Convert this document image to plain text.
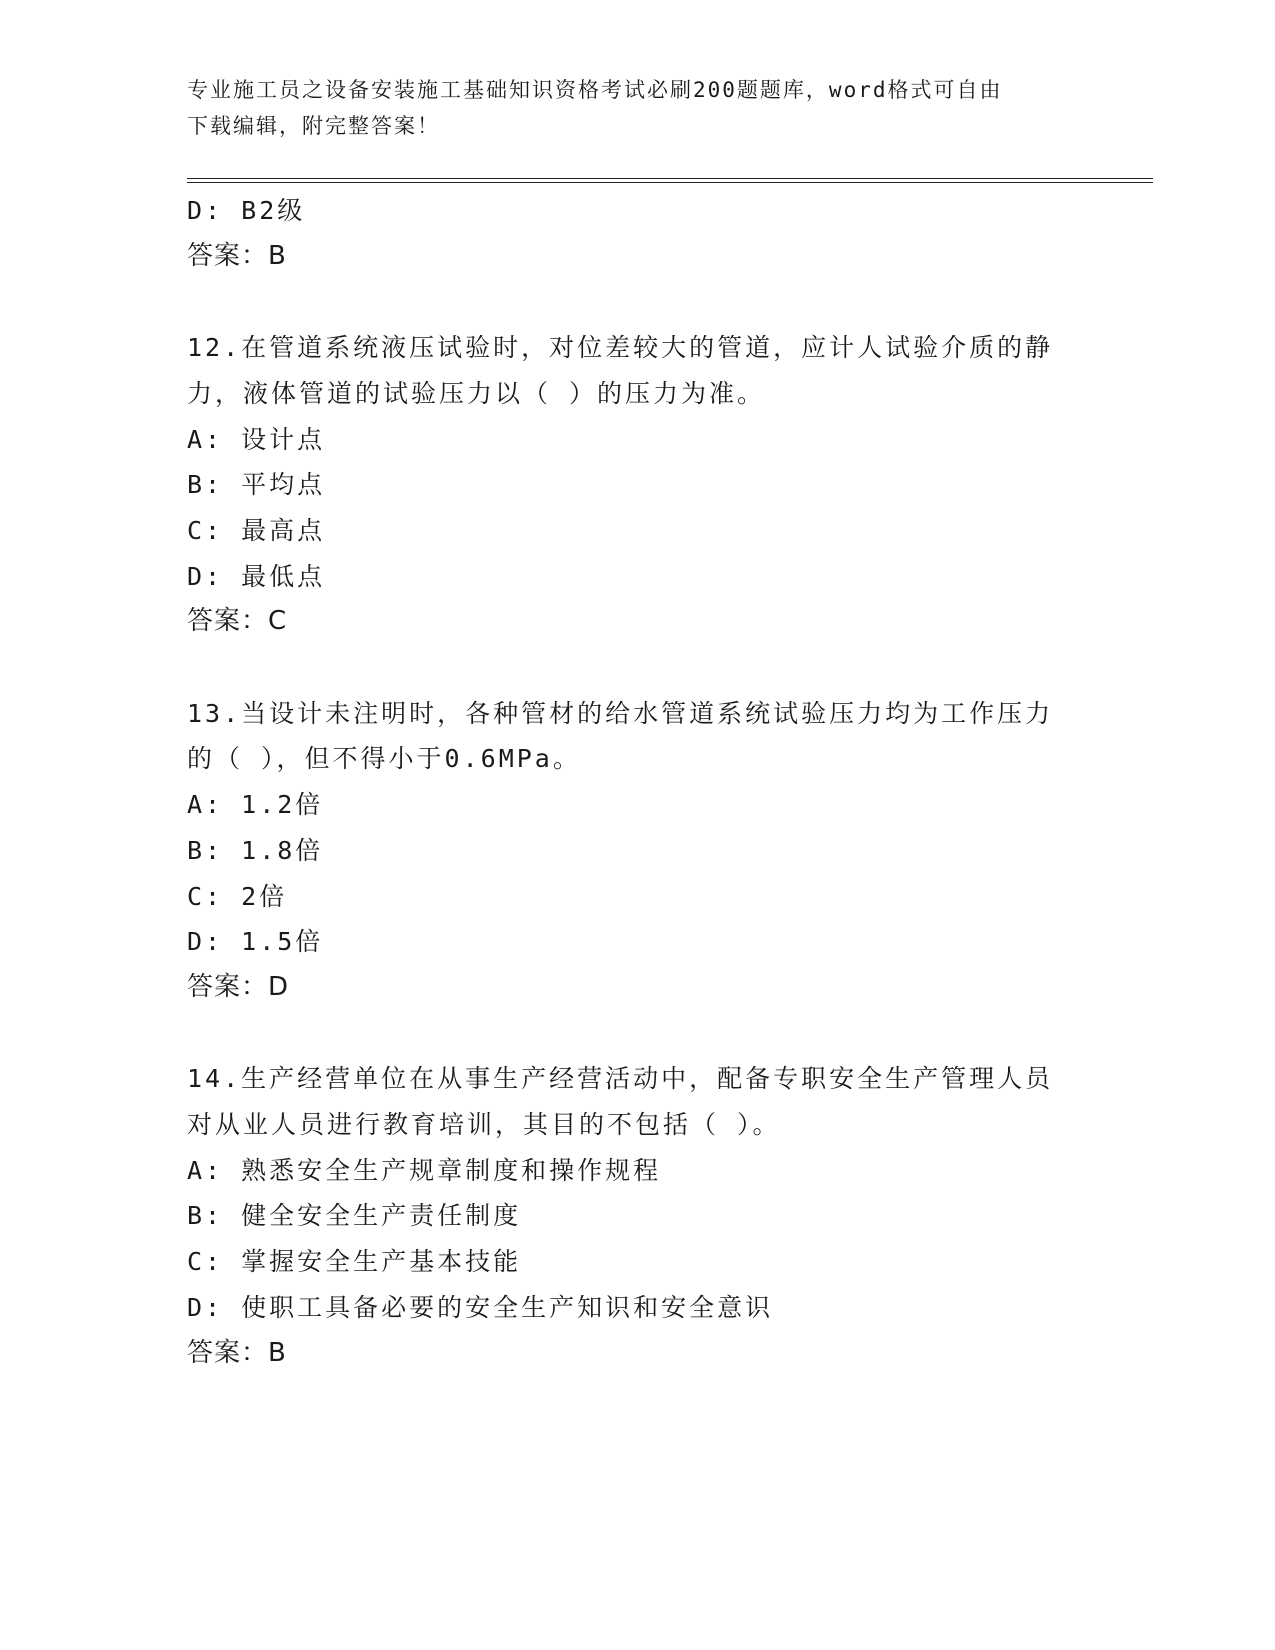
专业施工员之设备安装施工基础知识资格考试必刷200题题库，word格式可自由
下载编辑，附完整答案！
D: B2级
答案：B
12.在管道系统液压试验时，对位差较大的管道，应计人试验介质的静
力，液体管道的试验压力以（ ）的压力为准。
A: 设计点
B: 平均点
C: 最高点
D: 最低点
答案：C
13.当设计未注明时，各种管材的给水管道系统试验压力均为工作压力
的（ ），但不得小于0.6MPa。
A: 1.2倍
B: 1.8倍
C: 2倍
D: 1.5倍
答案：D
14.生产经营单位在从事生产经营活动中，配备专职安全生产管理人员
对从业人员进行教育培训，其目的不包括（ ）。
A: 熟悉安全生产规章制度和操作规程
B: 健全安全生产责任制度
C: 掌握安全生产基本技能
D: 使职工具备必要的安全生产知识和安全意识
答案：B
